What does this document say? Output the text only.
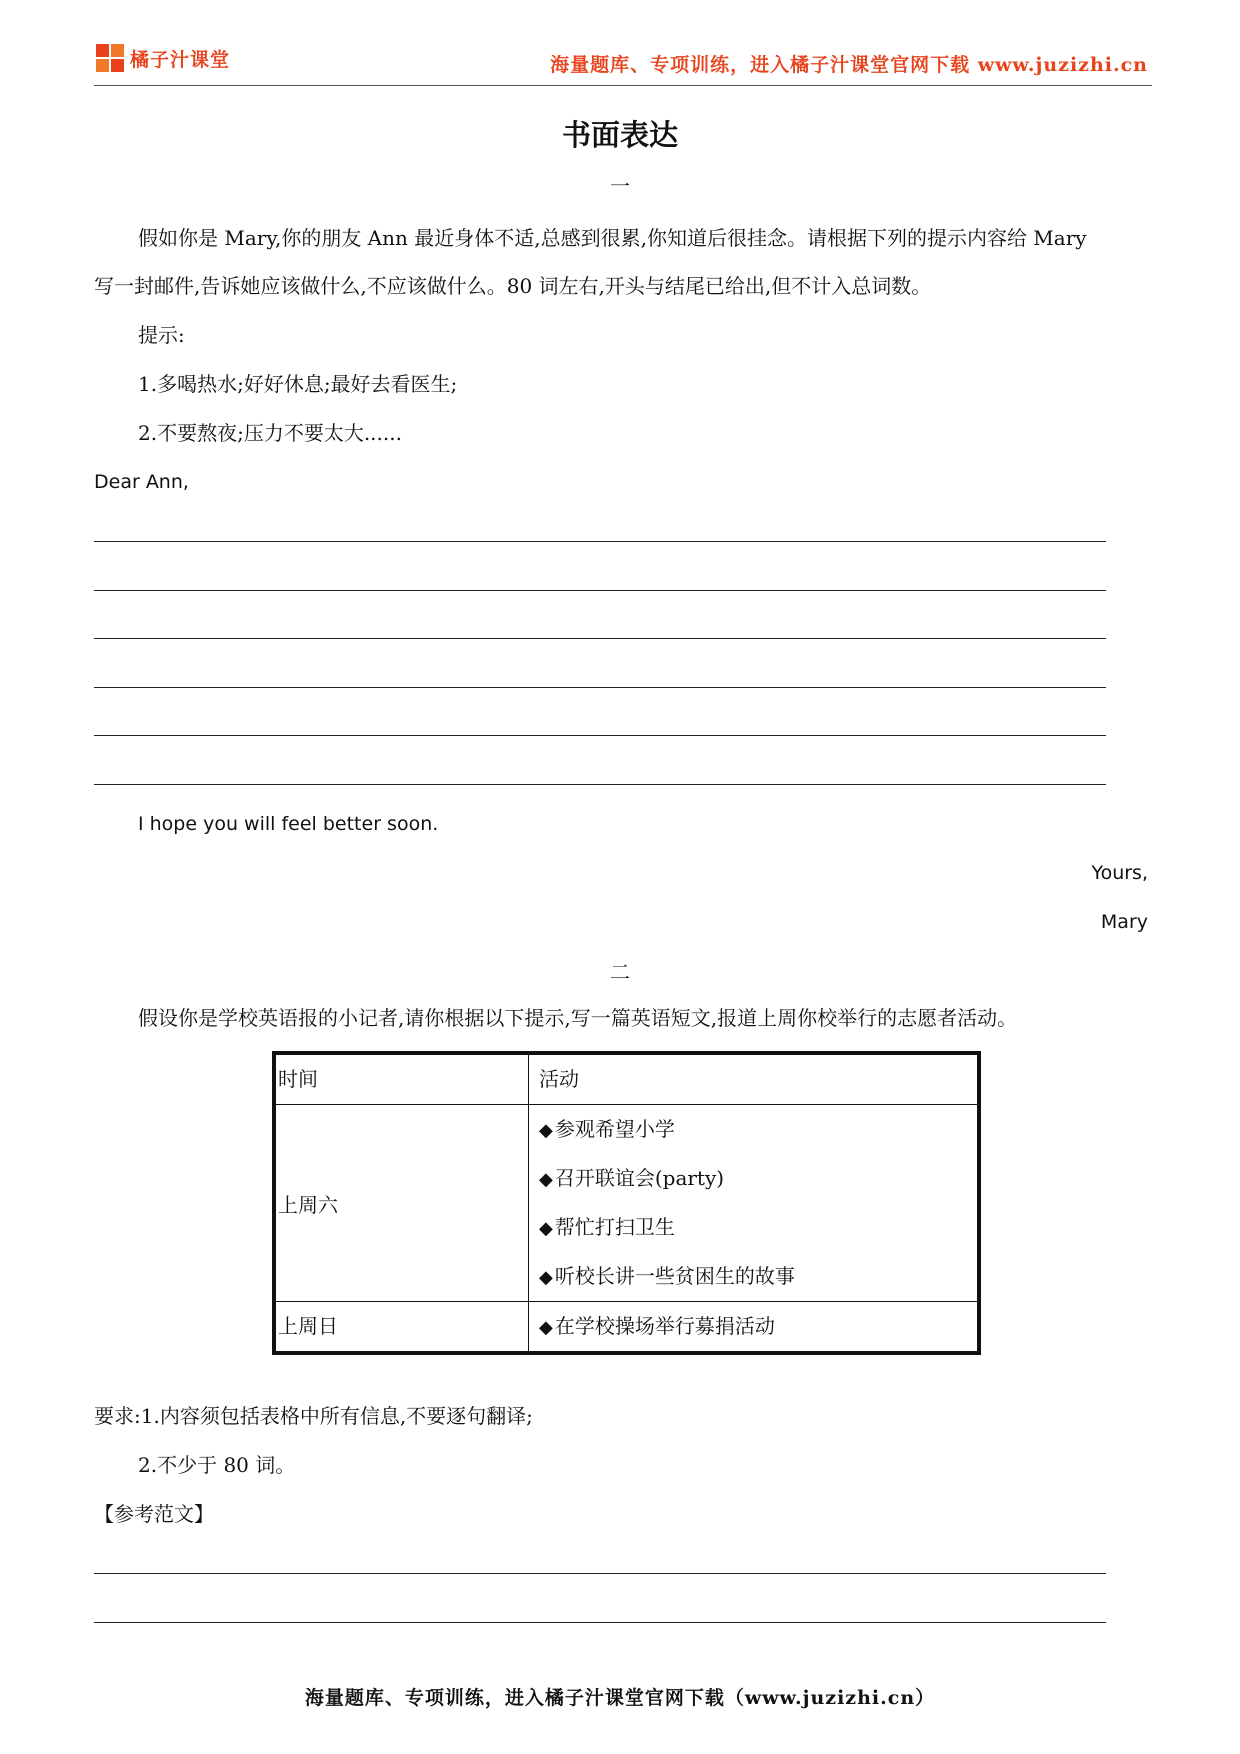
橘子汁课堂	海量题库、专项训练，进入橘子汁课堂官网下载 www.juzizhi.cn
书面表达
一
假如你是 Mary,你的朋友 Ann 最近身体不适,总感到很累,你知道后很挂念。请根据下列的提示内容给 Mary
写一封邮件,告诉她应该做什么,不应该做什么。80 词左右,开头与结尾已给出,但不计入总词数。
提示:
1.多喝热水;好好休息;最好去看医生;
2.不要熬夜;压力不要太大......
Dear Ann,
I hope you will feel better soon.
Yours,
Mary
二
假设你是学校英语报的小记者,请你根据以下提示,写一篇英语短文,报道上周你校举行的志愿者活动。
时间	活动

上周六	◆ 参观希望小学
◆ 召开联谊会(party)
◆ 帮忙打扫卫生
◆ 听校长讲一些贫困生的故事

上周日	◆ 在学校操场举行募捐活动
要求:1.内容须包括表格中所有信息,不要逐句翻译;
2.不少于 80 词。
【参考范文】
海量题库、专项训练，进入橘子汁课堂官网下载（www.juzizhi.cn）
